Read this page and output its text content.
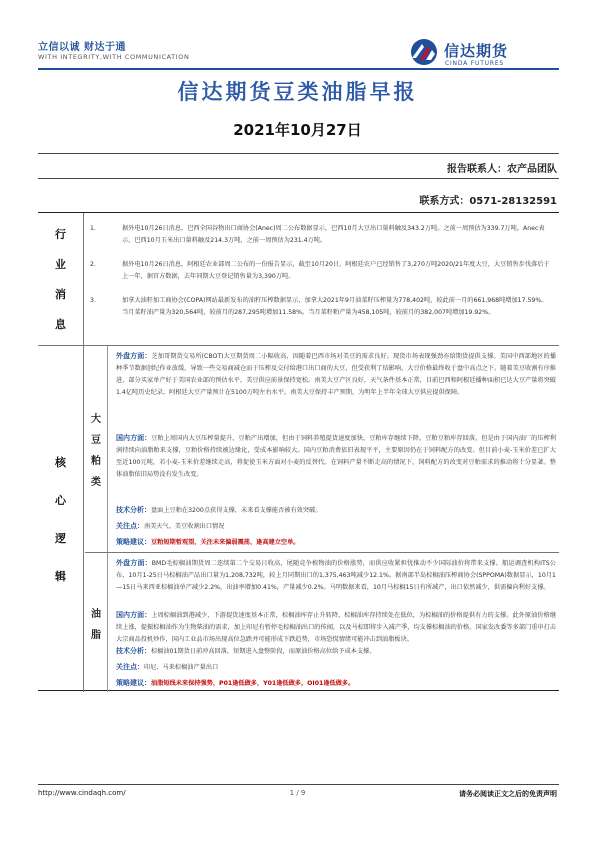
立信以诚 财达于通
WITH INTEGRITY,WITH COMMUNICATION	信达期货
CINDA FUTURES
信达期货豆类油脂早报
2021年10月27日
报告联系人：农产品团队
联系方式：0571-28132591
行
业
消
息
1.	据外电10月26日消息，巴西全国谷物出口商协会(Anec)周二公布数据显示，巴西10月大豆出口量料触及343.2万吨。之前一周预估为339.7万吨。Anec表示，巴西10月玉米出口量料触及214.3万吨，之前一周预估为231.4万吨。
2.	据外电10月26日消息，阿根廷农业部周二公布的一份报告显示，截至10月20日，阿根廷农户已经销售了3,270万吨2020/21年度大豆，大豆销售步伐落后于上一年，据官方数据，去年同期大豆登记销售量为3,390万吨。
3.	加拿大油籽加工商协会(COPA)网站最新发布的油籽压榨数据显示，加拿大2021年9月油菜籽压榨量为778,402吨，较此前一月的661,968吨增加17.59%。当月菜籽油产量为320,564吨，较前月的287,295吨增加11.58%。当月菜籽粕产量为458,105吨，较前月的382,007吨增加19.92%。
核
心
逻
辑
大
豆
粕
类
外盘方面：芝加哥期货交易所(CBOT)大豆期货周二小幅收高，因随着巴西市场对美豆的需求良好。现货市场表现强劲亦给期货提供支撑。美国中西部地区的播种季节数据创纪作业放缓，导致一些交易商减仓而于压榨及交付给港口出口商的大豆，但受获利了结影响，大豆价格最终收于盘中高点之下。随着美豆收割有序推进，部分买家单产好于美国农业部的预估水平，美豆供应前景保持宽松。南美大豆产区良好，天气条件基本正常，目前巴西和阿根廷播种面积已达大豆产量将突破1.4亿吨历史纪录，阿根廷大豆产量预计在5100万吨左右水平。南美大豆保持丰产预期，为明年上半年全球大豆供应提供保障。
国内方面：豆粕上周国内大豆压榨量提升，豆粕产出增加，但由于饲料养殖提货速度加快，豆粕库存继续下降。豆粕豆粕库存回落，但是由于国内油厂的压榨利润持续向油脂粕来支撑，豆粕价格持续被边缘化，受成本影响较大。国内豆粕消费依旧表现平平，主要原因仍在于饲料配方的改变。但目前小麦-玉米价差已扩大至近100元吨，若小麦-玉米价差继续走高，将促使玉米方面对小麦的反替代。在饲料产量不断走高的情况下，饲料配方的改变对豆粕需求的推动将十分显著。整体油脂依旧局势没有发生改变。
技术分析：盘面上豆粕在3200点获得支撑，未来看支撑能否被有效突破。
关注点：南美天气、美豆收割出口情况
策略建议：豆粕短期暂观望，关注未来偏弱震荡，逢高建立空单。
油
脂
外盘方面：BMD毛棕榈油期货周二连续第二个交易日收高，尾随竞争植物油的价格涨势，而供应收紧担忧推动不少国际油价将带来支撑。船运调查机构ITS公布，10月1-25日马棕榈油产品出口量为1,208,732吨，较上月同期出口的1,375,463吨减少12.1%。据南部半岛棕榈油压榨商协会(SPPOMA)数据显示，10月1—15日马来西亚棕榈油单产减少2.2%，出油率增加0.41%，产量减少0.2%。马明数据来看，10月马棕榈15日有所减产，出口依然减少，供需偏向利好支撑。
国内方面：上周棕榈油到港减少，下游提货速度基本正常，棕榈油库存止升转降，棕榈油库存持续处在低位，为棕榈油的价格提供有力的支撑。此外原油价格继续上涨，提振棕榈油作为生物柴油的需求，加上印尼有暂停毛棕榈油出口的传闻，以及马棕即将步入减产季，均支撑棕榈油的价格。国家发改委等多部门重申打击大宗商品投机炒作，国内工业品市场出现高位急跌并可能形成下跌趋势，市场恐慌情绪可能冲击到油脂板块。
技术分析：棕榈油01期货日前冲高回落，短期进入盘整阶段，而原油价格高位给予成本支撑。
关注点：印尼、马来棕榈油产量出口
策略建议：油脂短线未来保持强势，P01逢低做多，Y01逢低做多，OI01逢低做多。
http://www.cindaqh.com/	1 / 9	请务必阅读正文之后的免责声明
